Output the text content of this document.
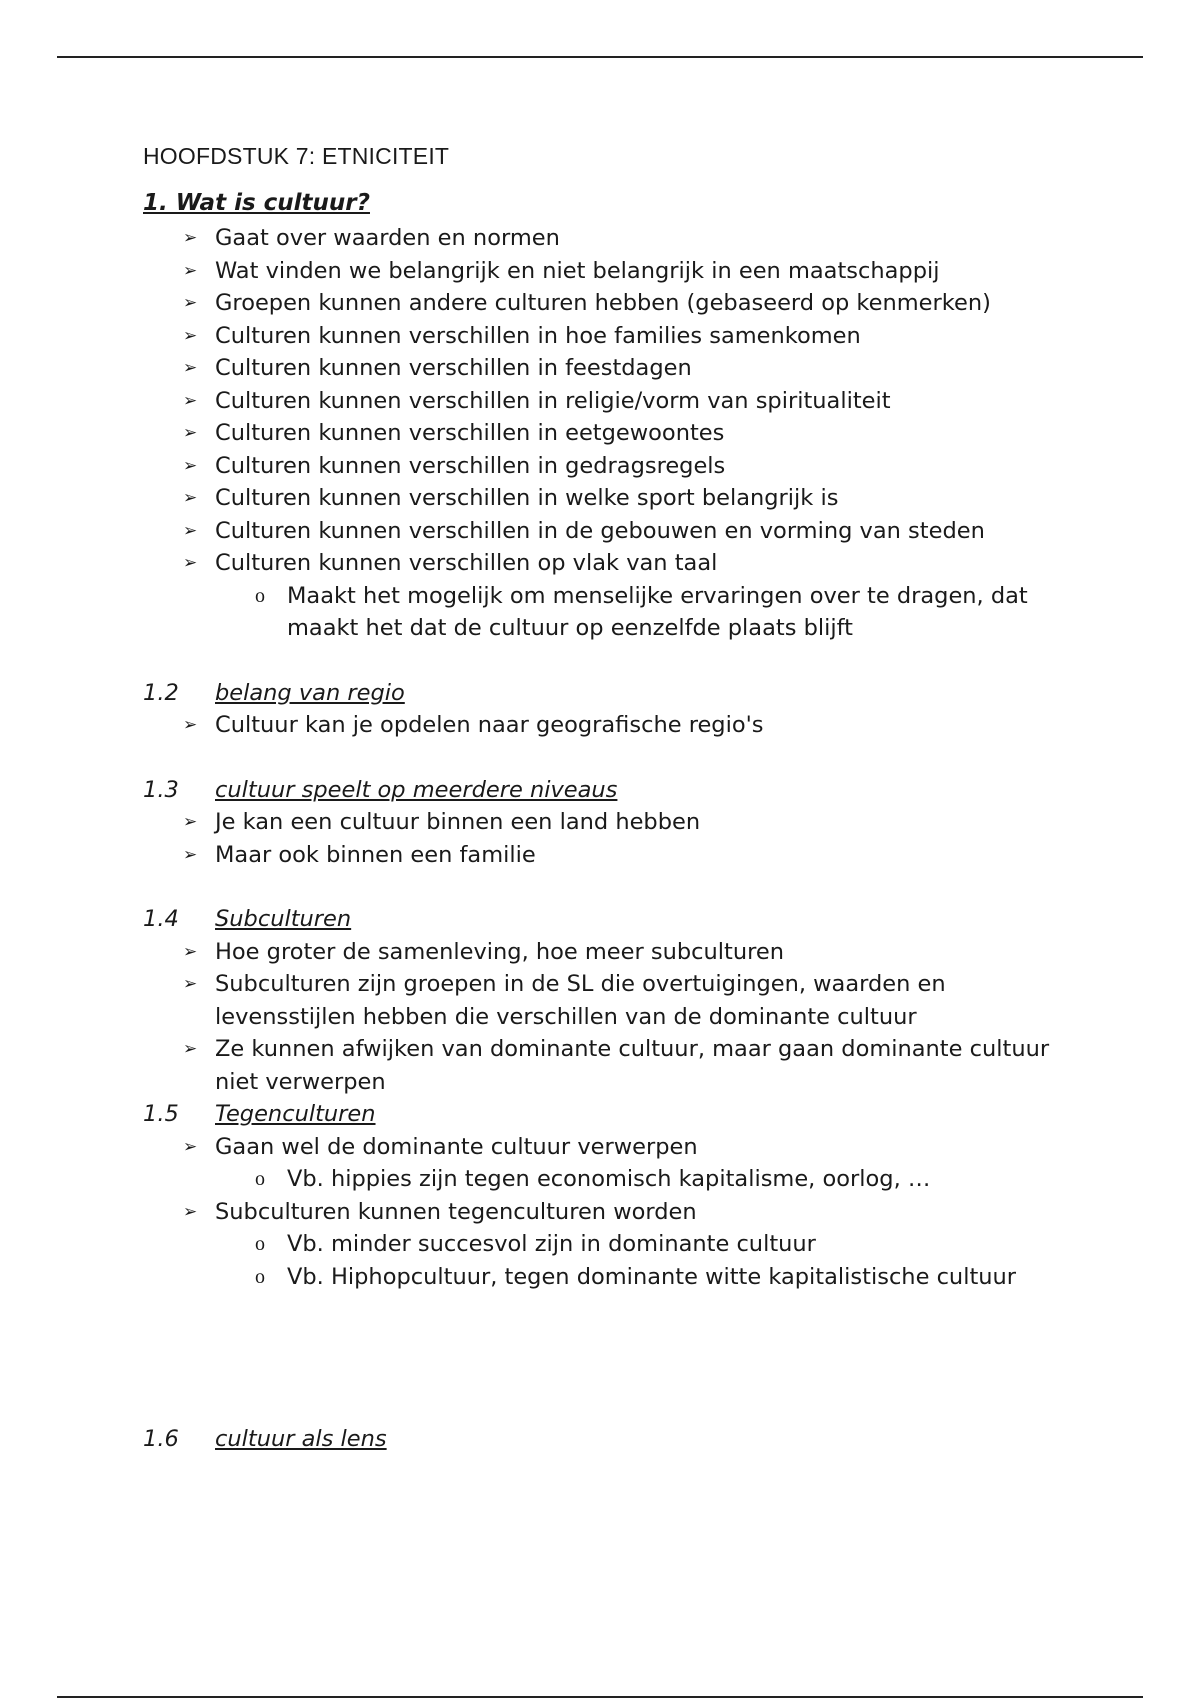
HOOFDSTUK 7: ETNICITEIT

1. Wat is cultuur?

➢ Gaat over waarden en normen
➢ Wat vinden we belangrijk en niet belangrijk in een maatschappij
➢ Groepen kunnen andere culturen hebben (gebaseerd op kenmerken)
➢ Culturen kunnen verschillen in hoe families samenkomen
➢ Culturen kunnen verschillen in feestdagen
➢ Culturen kunnen verschillen in religie/vorm van spiritualiteit
➢ Culturen kunnen verschillen in eetgewoontes
➢ Culturen kunnen verschillen in gedragsregels
➢ Culturen kunnen verschillen in welke sport belangrijk is
➢ Culturen kunnen verschillen in de gebouwen en vorming van steden
➢ Culturen kunnen verschillen op vlak van taal
o Maakt het mogelijk om menselijke ervaringen over te dragen, dat maakt het dat de cultuur op eenzelfde plaats blijft

1.2 belang van regio

➢ Cultuur kan je opdelen naar geografische regio's

1.3 cultuur speelt op meerdere niveaus

➢ Je kan een cultuur binnen een land hebben
➢ Maar ook binnen een familie

1.4 Subculturen

➢ Hoe groter de samenleving, hoe meer subculturen
➢ Subculturen zijn groepen in de SL die overtuigingen, waarden en levensstijlen hebben die verschillen van de dominante cultuur
➢ Ze kunnen afwijken van dominante cultuur, maar gaan dominante cultuur niet verwerpen

1.5 Tegenculturen

➢ Gaan wel de dominante cultuur verwerpen
o Vb. hippies zijn tegen economisch kapitalisme, oorlog, …
➢ Subculturen kunnen tegenculturen worden
o Vb. minder succesvol zijn in dominante cultuur
o Vb. Hiphopcultuur, tegen dominante witte kapitalistische cultuur

1.6 cultuur als lens
